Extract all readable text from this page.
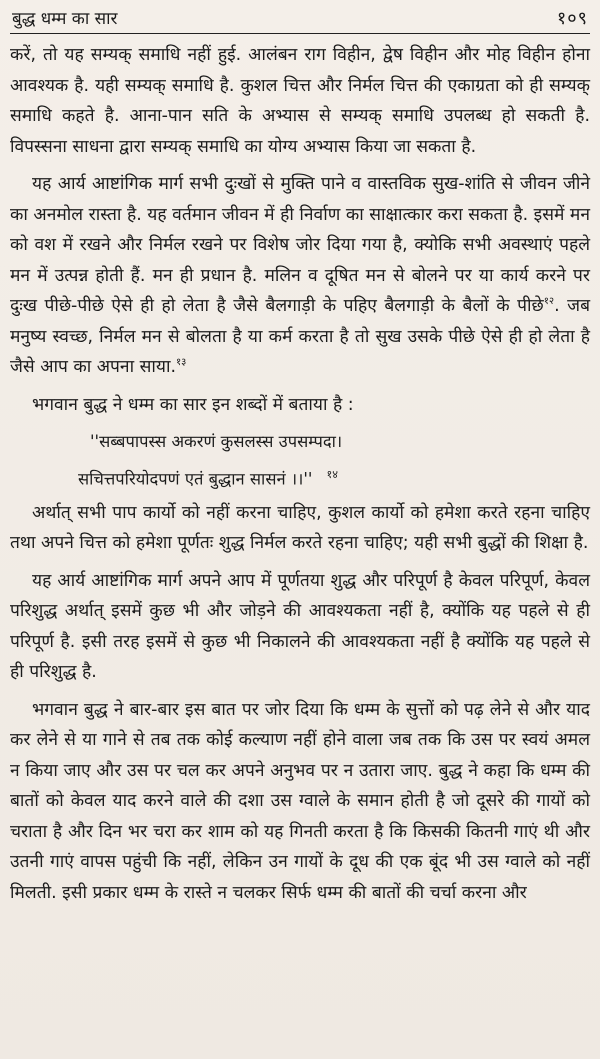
बुद्ध धम्म का सार	१०९

करें, तो यह सम्यक् समाधि नहीं हुई. आलंबन राग विहीन, द्वेष विहीन और मोह विहीन होना आवश्यक है. यही सम्यक् समाधि है. कुशल चित्त और निर्मल चित्त की एकाग्रता को ही सम्यक् समाधि कहते है. आना-पान सति के अभ्यास से सम्यक् समाधि उपलब्ध हो सकती है. विपस्सना साधना द्वारा सम्यक् समाधि का योग्य अभ्यास किया जा सकता है.

यह आर्य आष्टांगिक मार्ग सभी दुःखों से मुक्ति पाने व वास्तविक सुख-शांति से जीवन जीने का अनमोल रास्ता है. यह वर्तमान जीवन में ही निर्वाण का साक्षात्कार करा सकता है. इसमें मन को वश में रखने और निर्मल रखने पर विशेष जोर दिया गया है, क्योकि सभी अवस्थाएं पहले मन में उत्पन्न होती हैं. मन ही प्रधान है. मलिन व दूषित मन से बोलने पर या कार्य करने पर दुःख पीछे-पीछे ऐसे ही हो लेता है जैसे बैलगाड़ी के पहिए बैलगाड़ी के बैलों के पीछे$^{१२}$. जब मनुष्य स्वच्छ, निर्मल मन से बोलता है या कर्म करता है तो सुख उसके पीछे ऐसे ही हो लेता है जैसे आप का अपना साया.$^{१३}$

भगवान बुद्ध ने धम्म का सार इन शब्दों में बताया है :

''सब्बपापस्स अकरणं कुसलस्स उपसम्पदा।
सचित्तपरियोदपणं एतं बुद्धान सासनं ।।'' $^{१४}$

अर्थात् सभी पाप कार्यो को नहीं करना चाहिए, कुशल कार्यो को हमेशा करते रहना चाहिए तथा अपने चित्त को हमेशा पूर्णतः शुद्ध निर्मल करते रहना चाहिए; यही सभी बुद्धों की शिक्षा है.

यह आर्य आष्टांगिक मार्ग अपने आप में पूर्णतया शुद्ध और परिपूर्ण है केवल परिपूर्ण, केवल परिशुद्ध अर्थात् इसमें कुछ भी और जोड़ने की आवश्यकता नहीं है, क्योंकि यह पहले से ही परिपूर्ण है. इसी तरह इसमें से कुछ भी निकालने की आवश्यकता नहीं है क्योंकि यह पहले से ही परिशुद्ध है.

भगवान बुद्ध ने बार-बार इस बात पर जोर दिया कि धम्म के सुत्तों को पढ़ लेने से और याद कर लेने से या गाने से तब तक कोई कल्याण नहीं होने वाला जब तक कि उस पर स्वयं अमल न किया जाए और उस पर चल कर अपने अनुभव पर न उतारा जाए. बुद्ध ने कहा कि धम्म की बातों को केवल याद करने वाले की दशा उस ग्वाले के समान होती है जो दूसरे की गायों को चराता है और दिन भर चरा कर शाम को यह गिनती करता है कि किसकी कितनी गाएं थी और उतनी गाएं वापस पहुंची कि नहीं, लेकिन उन गायों के दूध की एक बूंद भी उस ग्वाले को नहीं मिलती. इसी प्रकार धम्म के रास्ते न चलकर सिर्फ धम्म की बातों की चर्चा करना और
